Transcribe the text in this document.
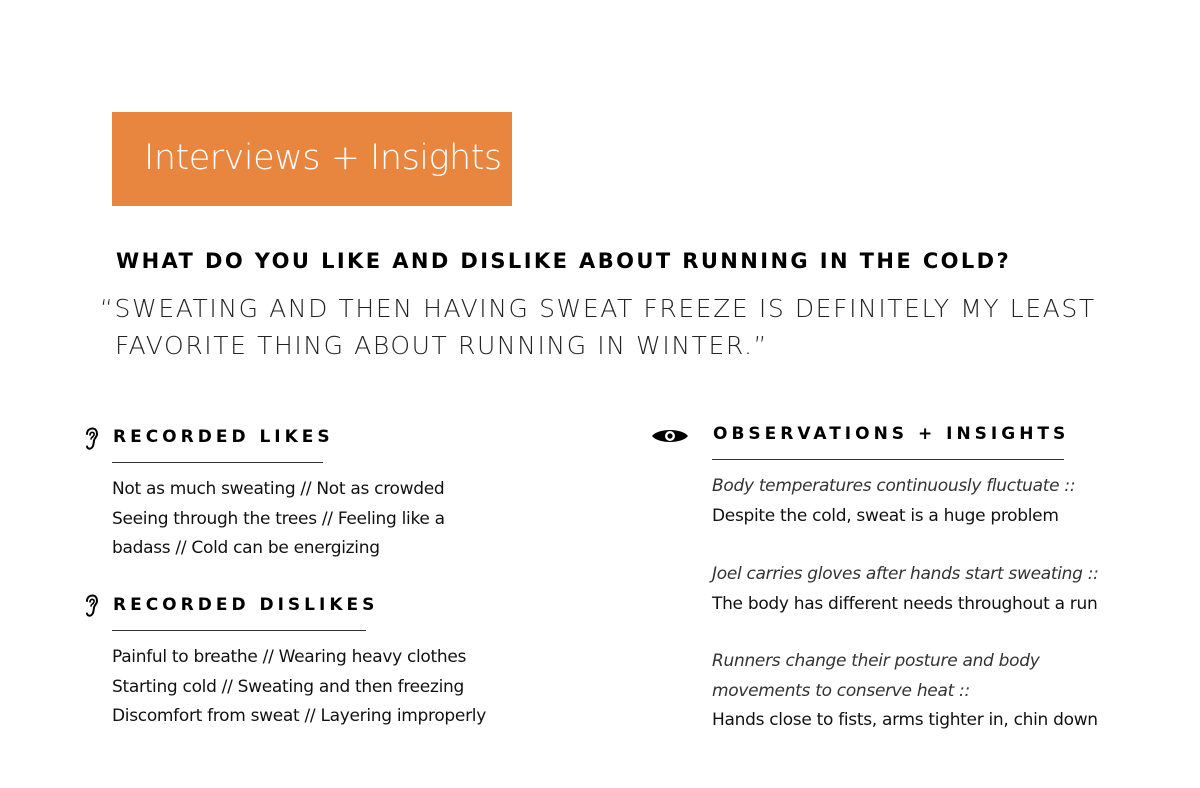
Interviews + Insights
WHAT DO YOU LIKE AND DISLIKE ABOUT RUNNING IN THE COLD?
“SWEATING AND THEN HAVING SWEAT FREEZE IS DEFINITELY MY LEAST
FAVORITE THING ABOUT RUNNING IN WINTER.”
RECORDED LIKES
Not as much sweating // Not as crowded
Seeing through the trees // Feeling like a
badass // Cold can be energizing
RECORDED DISLIKES
Painful to breathe // Wearing heavy clothes
Starting cold // Sweating and then freezing
Discomfort from sweat // Layering improperly
OBSERVATIONS + INSIGHTS
Body temperatures continuously fluctuate ::
Despite the cold, sweat is a huge problem
Joel carries gloves after hands start sweating ::
The body has different needs throughout a run
Runners change their posture and body
movements to conserve heat ::
Hands close to fists, arms tighter in, chin down
